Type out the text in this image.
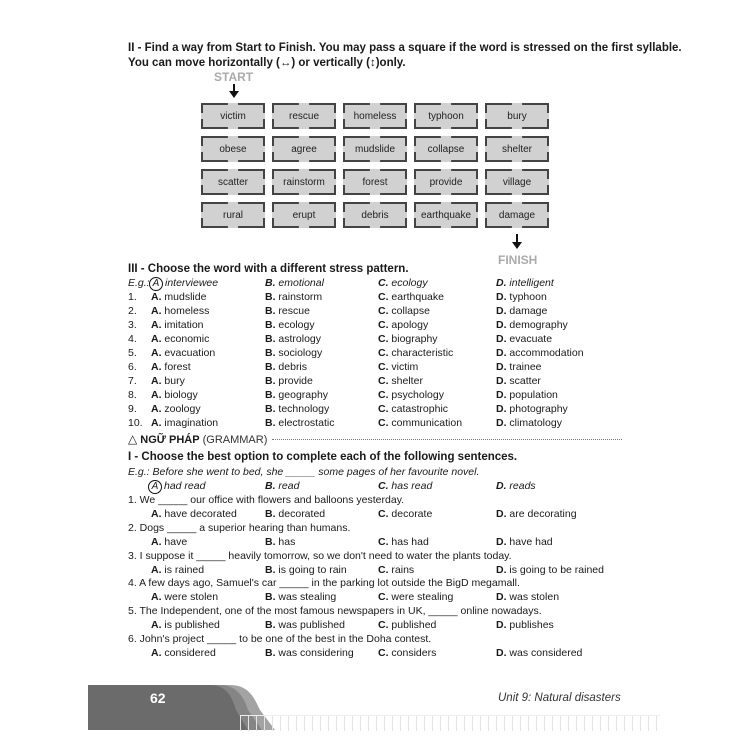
II - Find a way from Start to Finish. You may pass a square if the word is stressed on the first syllable.
You can move horizontally (↔) or vertically (↕)only.
START
victim	rescue	homeless	typhoon	bury
obese	agree	mudslide	collapse	shelter
scatter	rainstorm	forest	provide	village
rural	erupt	debris	earthquake	damage
FINISH
III - Choose the word with a different stress pattern.
E.g.: A interviewee	B. emotional	C. ecology	D. intelligent
1. A. mudslide	B. rainstorm	C. earthquake	D. typhoon
2. A. homeless	B. rescue	C. collapse	D. damage
3. A. imitation	B. ecology	C. apology	D. demography
4. A. economic	B. astrology	C. biography	D. evacuate
5. A. evacuation	B. sociology	C. characteristic	D. accommodation
6. A. forest	B. debris	C. victim	D. trainee
7. A. bury	B. provide	C. shelter	D. scatter
8. A. biology	B. geography	C. psychology	D. population
9. A. zoology	B. technology	C. catastrophic	D. photography
10. A. imagination	B. electrostatic	C. communication	D. climatology
△ NGỮ PHÁP (GRAMMAR)
I - Choose the best option to complete each of the following sentences.
E.g.: Before she went to bed, she _____ some pages of her favourite novel.
A had read	B. read	C. has read	D. reads
1. We _____ our office with flowers and balloons yesterday.
A. have decorated	B. decorated	C. decorate	D. are decorating
2. Dogs _____ a superior hearing than humans.
A. have	B. has	C. has had	D. have had
3. I suppose it _____ heavily tomorrow, so we don't need to water the plants today.
A. is rained	B. is going to rain	C. rains	D. is going to be rained
4. A few days ago, Samuel's car _____ in the parking lot outside the BigD megamall.
A. were stolen	B. was stealing	C. were stealing	D. was stolen
5. The Independent, one of the most famous newspapers in UK, _____ online nowadays.
A. is published	B. was published	C. published	D. publishes
6. John's project _____ to be one of the best in the Doha contest.
A. considered	B. was considering C. considers	D. was considered
62	Unit 9: Natural disasters
